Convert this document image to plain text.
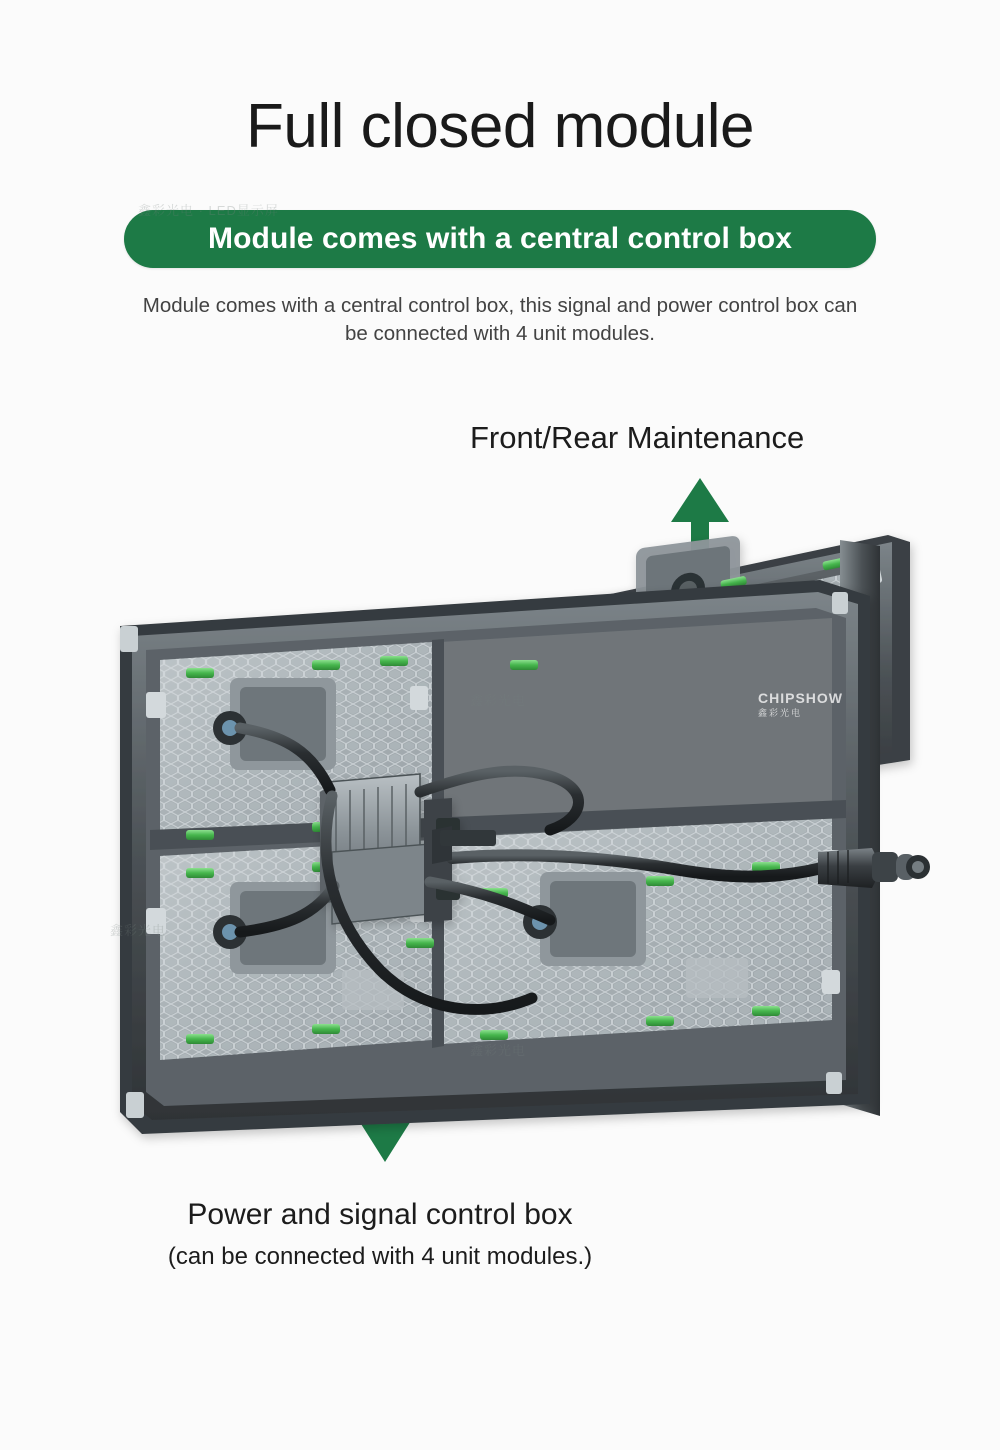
Full closed module
Module comes with a central control box
Module comes with a central control box, this signal and power control box can be connected with 4 unit modules.
Front/Rear Maintenance
Power and signal control box
(can be connected with 4 unit modules.)
鑫彩光电 · LED显示屏
鑫彩光电
鑫彩光电
鑫彩光电
CHIPSHOW
鑫彩光电
